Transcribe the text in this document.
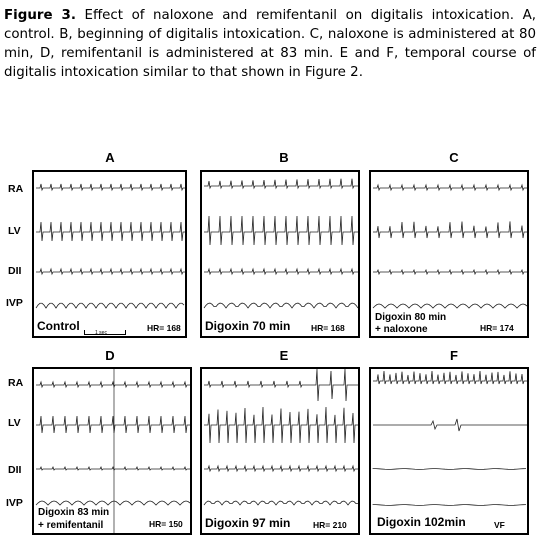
Figure 3. Effect of naloxone and remifentanil on digitalis intoxication. A, control. B, beginning of digitalis intoxication. C, naloxone is administered at 80 min, D, remifentanil is administered at 83 min. E and F, temporal course of digitalis intoxication similar to that shown in Figure 2.
A	B	C
D	E	F
RA
LV
DII
IVP
RA
LV
DII
IVP
Control	HR= 168
1 sec	Digoxin 70 min HR= 168
Digoxin 80 min
+ naloxone	HR= 174
Digoxin 83 min
+ remifentanil	HR= 150 Digoxin 97 min	HR= 210	Digoxin 102min	VF
